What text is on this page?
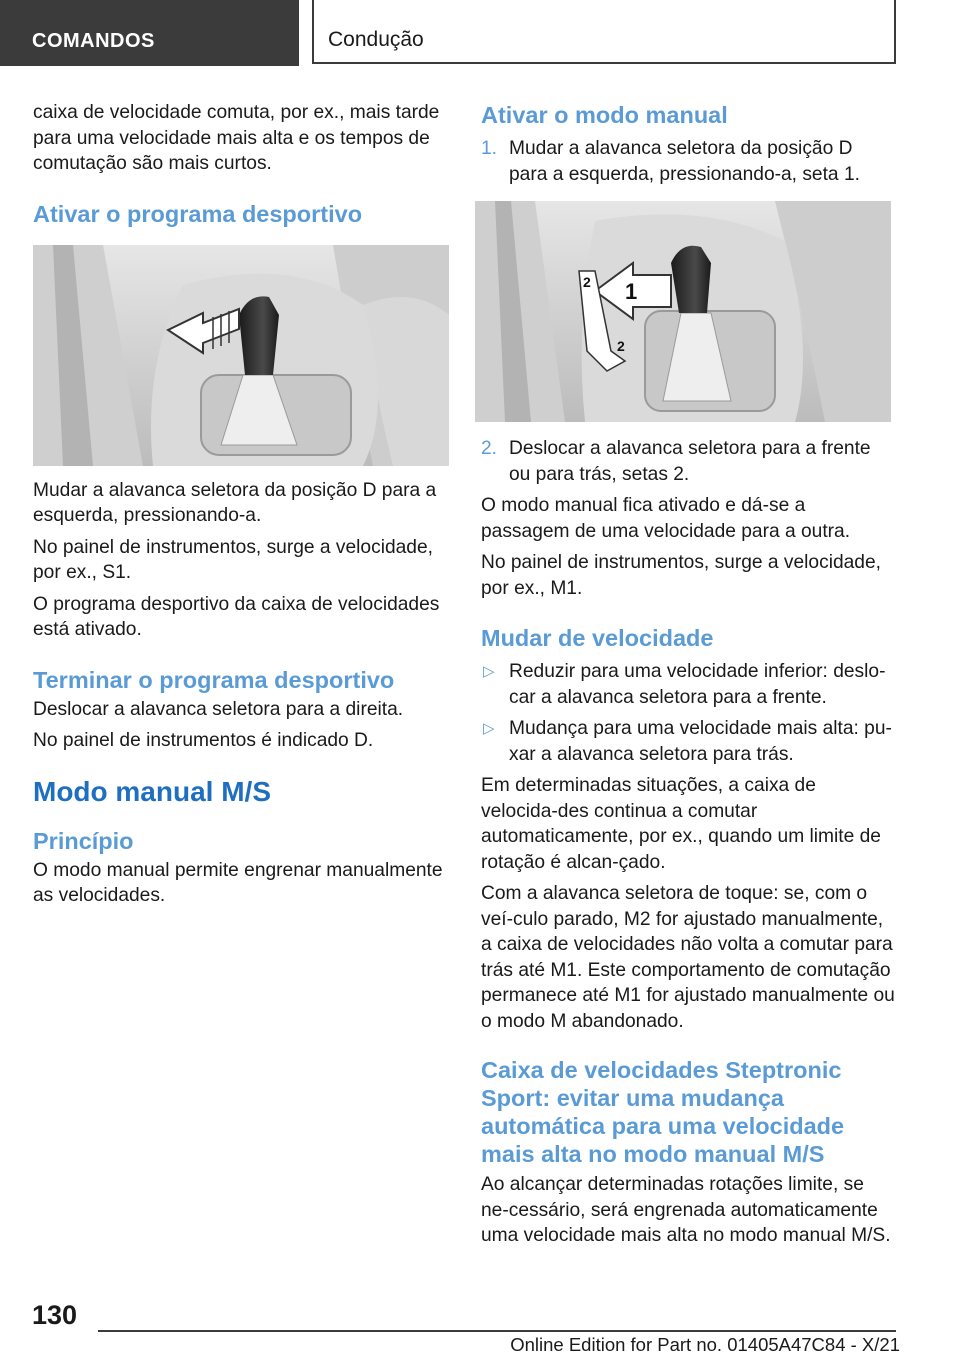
COMANDOS	Condução

caixa de velocidade comuta, por ex., mais tarde para uma velocidade mais alta e os tempos de comutação são mais curtos.

Ativar o programa desportivo

Mudar a alavanca seletora da posição D para a esquerda, pressionando-a.

No painel de instrumentos, surge a velocidade, por ex., S1.

O programa desportivo da caixa de velocidades está ativado.

Terminar o programa desportivo

Deslocar a alavanca seletora para a direita.

No painel de instrumentos é indicado D.

Modo manual M/S
Princípio

O modo manual permite engrenar manualmente as velocidades.

Ativar o modo manual
1. Mudar a alavanca seletora da posição D para a esquerda, pressionando-a, seta 1.
1
2
2
2. Deslocar a alavanca seletora para a frente ou para trás, setas 2.

O modo manual fica ativado e dá-se a passagem de uma velocidade para a outra.

No painel de instrumentos, surge a velocidade, por ex., M1.

Mudar de velocidade
▷ Reduzir para uma velocidade inferior: deslo-car a alavanca seletora para a frente.
▷ Mudança para uma velocidade mais alta: pu-xar a alavanca seletora para trás.

Em determinadas situações, a caixa de velocida-des continua a comutar automaticamente, por ex., quando um limite de rotação é alcan-çado.

Com a alavanca seletora de toque: se, com o veí-culo parado, M2 for ajustado manualmente, a caixa de velocidades não volta a comutar para trás até M1. Este comportamento de comutação permanece até M1 for ajustado manualmente ou o modo M abandonado.

Caixa de velocidades Steptronic Sport: evitar uma mudança automática para uma velocidade mais alta no modo manual M/S

Ao alcançar determinadas rotações limite, se ne-cessário, será engrenada automaticamente uma velocidade mais alta no modo manual M/S.

130
Online Edition for Part no. 01405A47C84 - X/21
